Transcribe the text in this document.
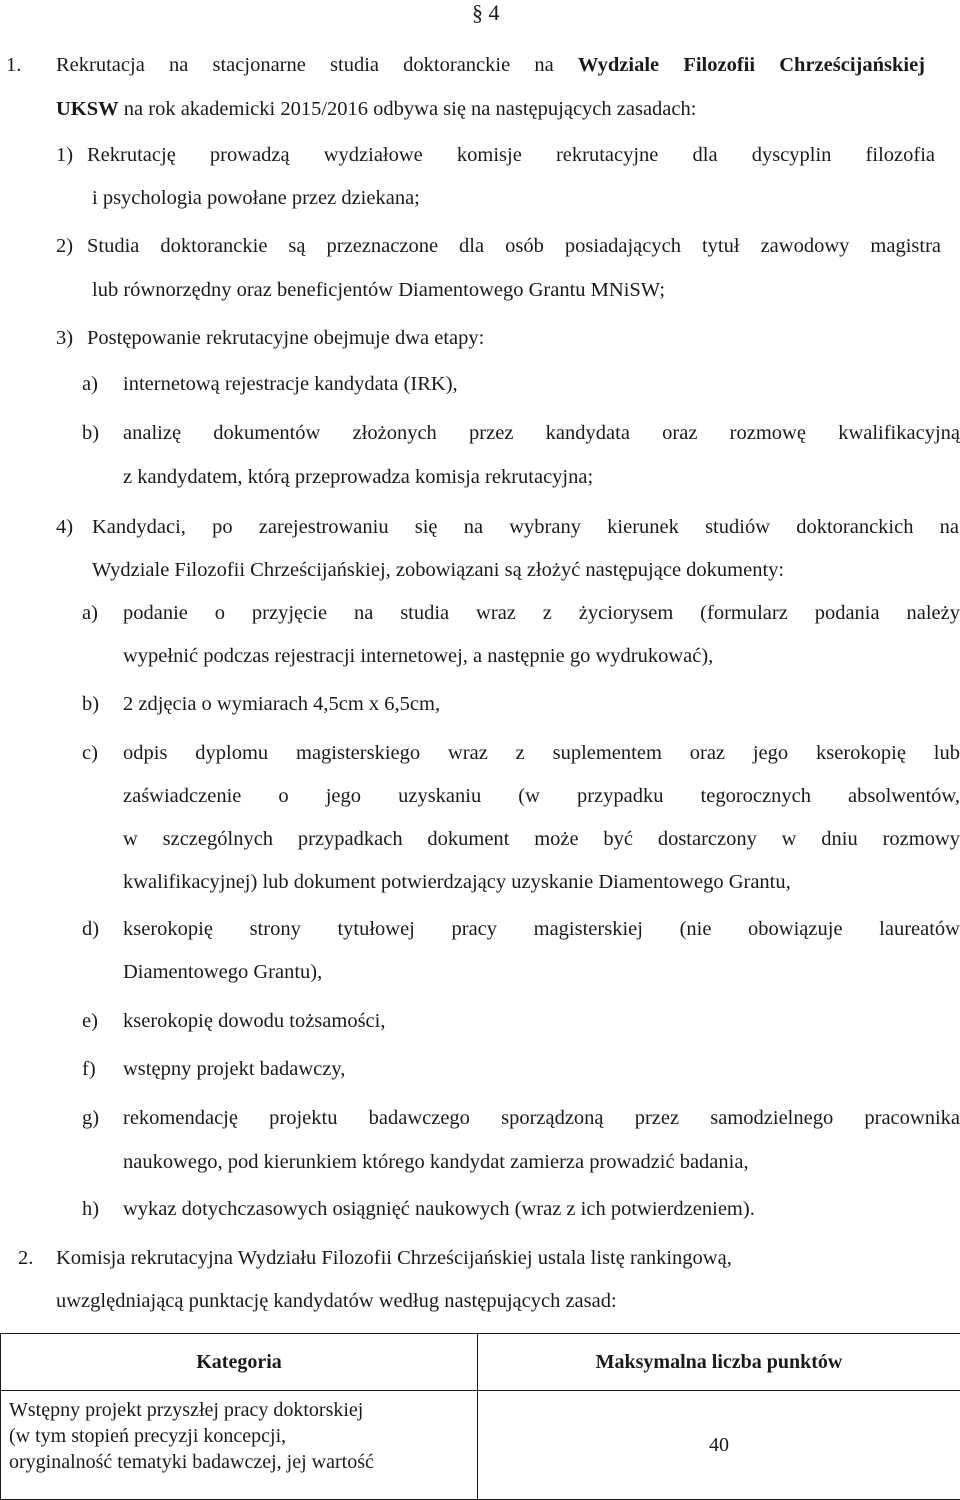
§ 4
1. Rekrutacja na stacjonarne studia doktoranckie na Wydziale Filozofii Chrześcijańskiej
UKSW na rok akademicki 2015/2016 odbywa się na następujących zasadach:
1) Rekrutację prowadzą wydziałowe komisje rekrutacyjne dla dyscyplin filozofia
i psychologia powołane przez dziekana;
2) Studia doktoranckie są przeznaczone dla osób posiadających tytuł zawodowy magistra
lub równorzędny oraz beneficjentów Diamentowego Grantu MNiSW;
3) Postępowanie rekrutacyjne obejmuje dwa etapy:
a) internetową rejestracje kandydata (IRK),
b) analizę dokumentów złożonych przez kandydata oraz rozmowę kwalifikacyjną
z kandydatem, którą przeprowadza komisja rekrutacyjna;
4) Kandydaci, po zarejestrowaniu się na wybrany kierunek studiów doktoranckich na
Wydziale Filozofii Chrześcijańskiej, zobowiązani są złożyć następujące dokumenty:
a) podanie o przyjęcie na studia wraz z życiorysem (formularz podania należy
wypełnić podczas rejestracji internetowej, a następnie go wydrukować),
b) 2 zdjęcia o wymiarach 4,5cm x 6,5cm,
c) odpis dyplomu magisterskiego wraz z suplementem oraz jego kserokopię lub
zaświadczenie o jego uzyskaniu (w przypadku tegorocznych absolwentów,
w szczególnych przypadkach dokument może być dostarczony w dniu rozmowy
kwalifikacyjnej) lub dokument potwierdzający uzyskanie Diamentowego Grantu,
d) kserokopię strony tytułowej pracy magisterskiej (nie obowiązuje laureatów
Diamentowego Grantu),
e) kserokopię dowodu tożsamości,
f) wstępny projekt badawczy,
g) rekomendację projektu badawczego sporządzoną przez samodzielnego pracownika
naukowego, pod kierunkiem którego kandydat zamierza prowadzić badania,
h) wykaz dotychczasowych osiągnięć naukowych (wraz z ich potwierdzeniem).
2. Komisja rekrutacyjna Wydziału Filozofii Chrześcijańskiej ustala listę rankingową,
uwzględniającą punktację kandydatów według następujących zasad:
Kategoria	Maksymalna liczba punktów

Wstępny projekt przyszłej pracy doktorskiej
(w tym stopień precyzji koncepcji,
oryginalność tematyki badawczej, jej wartość	40
